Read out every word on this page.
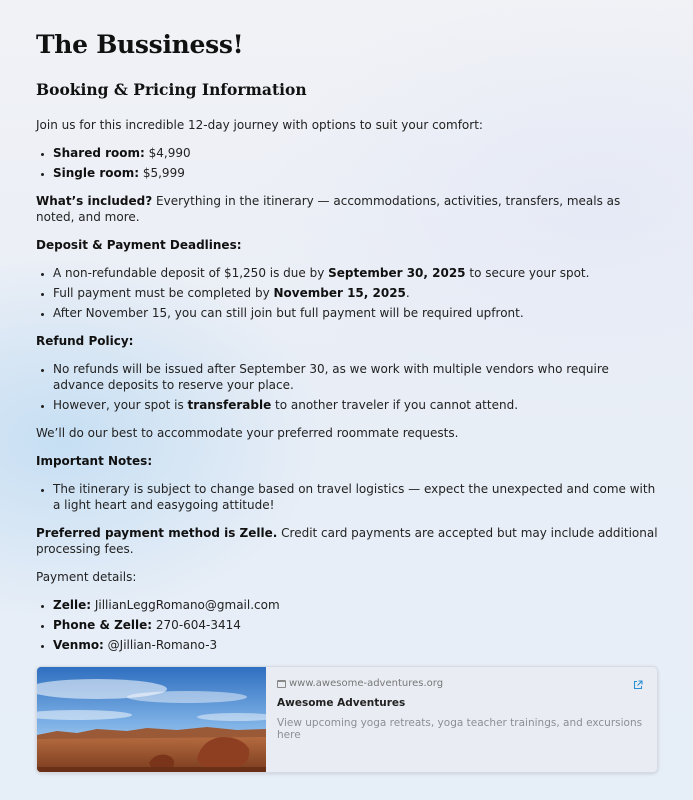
The Bussiness!
Booking & Pricing Information

Join us for this incredible 12-day journey with options to suit your comfort:

• Shared room: $4,990
• Single room: $5,999

What’s included? Everything in the itinerary — accommodations, activities, transfers, meals as noted, and more.

Deposit & Payment Deadlines:

• A non-refundable deposit of $1,250 is due by September 30, 2025 to secure your spot.
• Full payment must be completed by November 15, 2025.
• After November 15, you can still join but full payment will be required upfront.

Refund Policy:

• No refunds will be issued after September 30, as we work with multiple vendors who require advance deposits to reserve your place.
• However, your spot is transferable to another traveler if you cannot attend.

We’ll do our best to accommodate your preferred roommate requests.

Important Notes:

• The itinerary is subject to change based on travel logistics — expect the unexpected and come with a light heart and easygoing attitude!

Preferred payment method is Zelle. Credit card payments are accepted but may include additional processing fees.

Payment details:

• Zelle: JillianLeggRomano@gmail.com
• Phone & Zelle: 270-604-3414
• Venmo: @Jillian-Romano-3
www.awesome-adventures.org
Awesome Adventures
View upcoming yoga retreats, yoga teacher trainings, and excursions here
